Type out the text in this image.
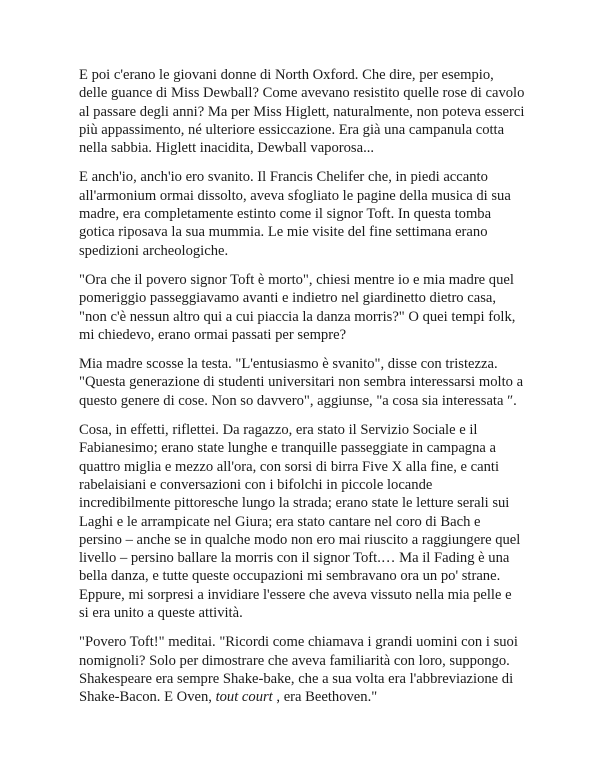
E poi c'erano le giovani donne di North Oxford. Che dire, per esempio,
delle guance di Miss Dewball? Come avevano resistito quelle rose di cavolo
al passare degli anni? Ma per Miss Higlett, naturalmente, non poteva esserci
più appassimento, né ulteriore essiccazione. Era già una campanula cotta
nella sabbia. Higlett inacidita, Dewball vaporosa...

E anch'io, anch'io ero svanito. Il Francis Chelifer che, in piedi accanto
all'armonium ormai dissolto, aveva sfogliato le pagine della musica di sua
madre, era completamente estinto come il signor Toft. In questa tomba
gotica riposava la sua mummia. Le mie visite del fine settimana erano
spedizioni archeologiche.

"Ora che il povero signor Toft è morto", chiesi mentre io e mia madre quel
pomeriggio passeggiavamo avanti e indietro nel giardinetto dietro casa,
"non c'è nessun altro qui a cui piaccia la danza morris?" O quei tempi folk,
mi chiedevo, erano ormai passati per sempre?

Mia madre scosse la testa. "L'entusiasmo è svanito", disse con tristezza.
"Questa generazione di studenti universitari non sembra interessarsi molto a
questo genere di cose. Non so davvero", aggiunse, "a cosa sia interessata ″.

Cosa, in effetti, riflettei. Da ragazzo, era stato il Servizio Sociale e il
Fabianesimo; erano state lunghe e tranquille passeggiate in campagna a
quattro miglia e mezzo all'ora, con sorsi di birra Five X alla fine, e canti
rabelaisiani e conversazioni con i bifolchi in piccole locande
incredibilmente pittoresche lungo la strada; erano state le letture serali sui
Laghi e le arrampicate nel Giura; era stato cantare nel coro di Bach e
persino – anche se in qualche modo non ero mai riuscito a raggiungere quel
livello – persino ballare la morris con il signor Toft.… Ma il Fading è una
bella danza, e tutte queste occupazioni mi sembravano ora un po' strane.
Eppure, mi sorpresi a invidiare l'essere che aveva vissuto nella mia pelle e
si era unito a queste attività.

"Povero Toft!" meditai. "Ricordi come chiamava i grandi uomini con i suoi
nomignoli? Solo per dimostrare che aveva familiarità con loro, suppongo.
Shakespeare era sempre Shake-bake, che a sua volta era l'abbreviazione di
Shake-Bacon. E Oven, tout court , era Beethoven."
